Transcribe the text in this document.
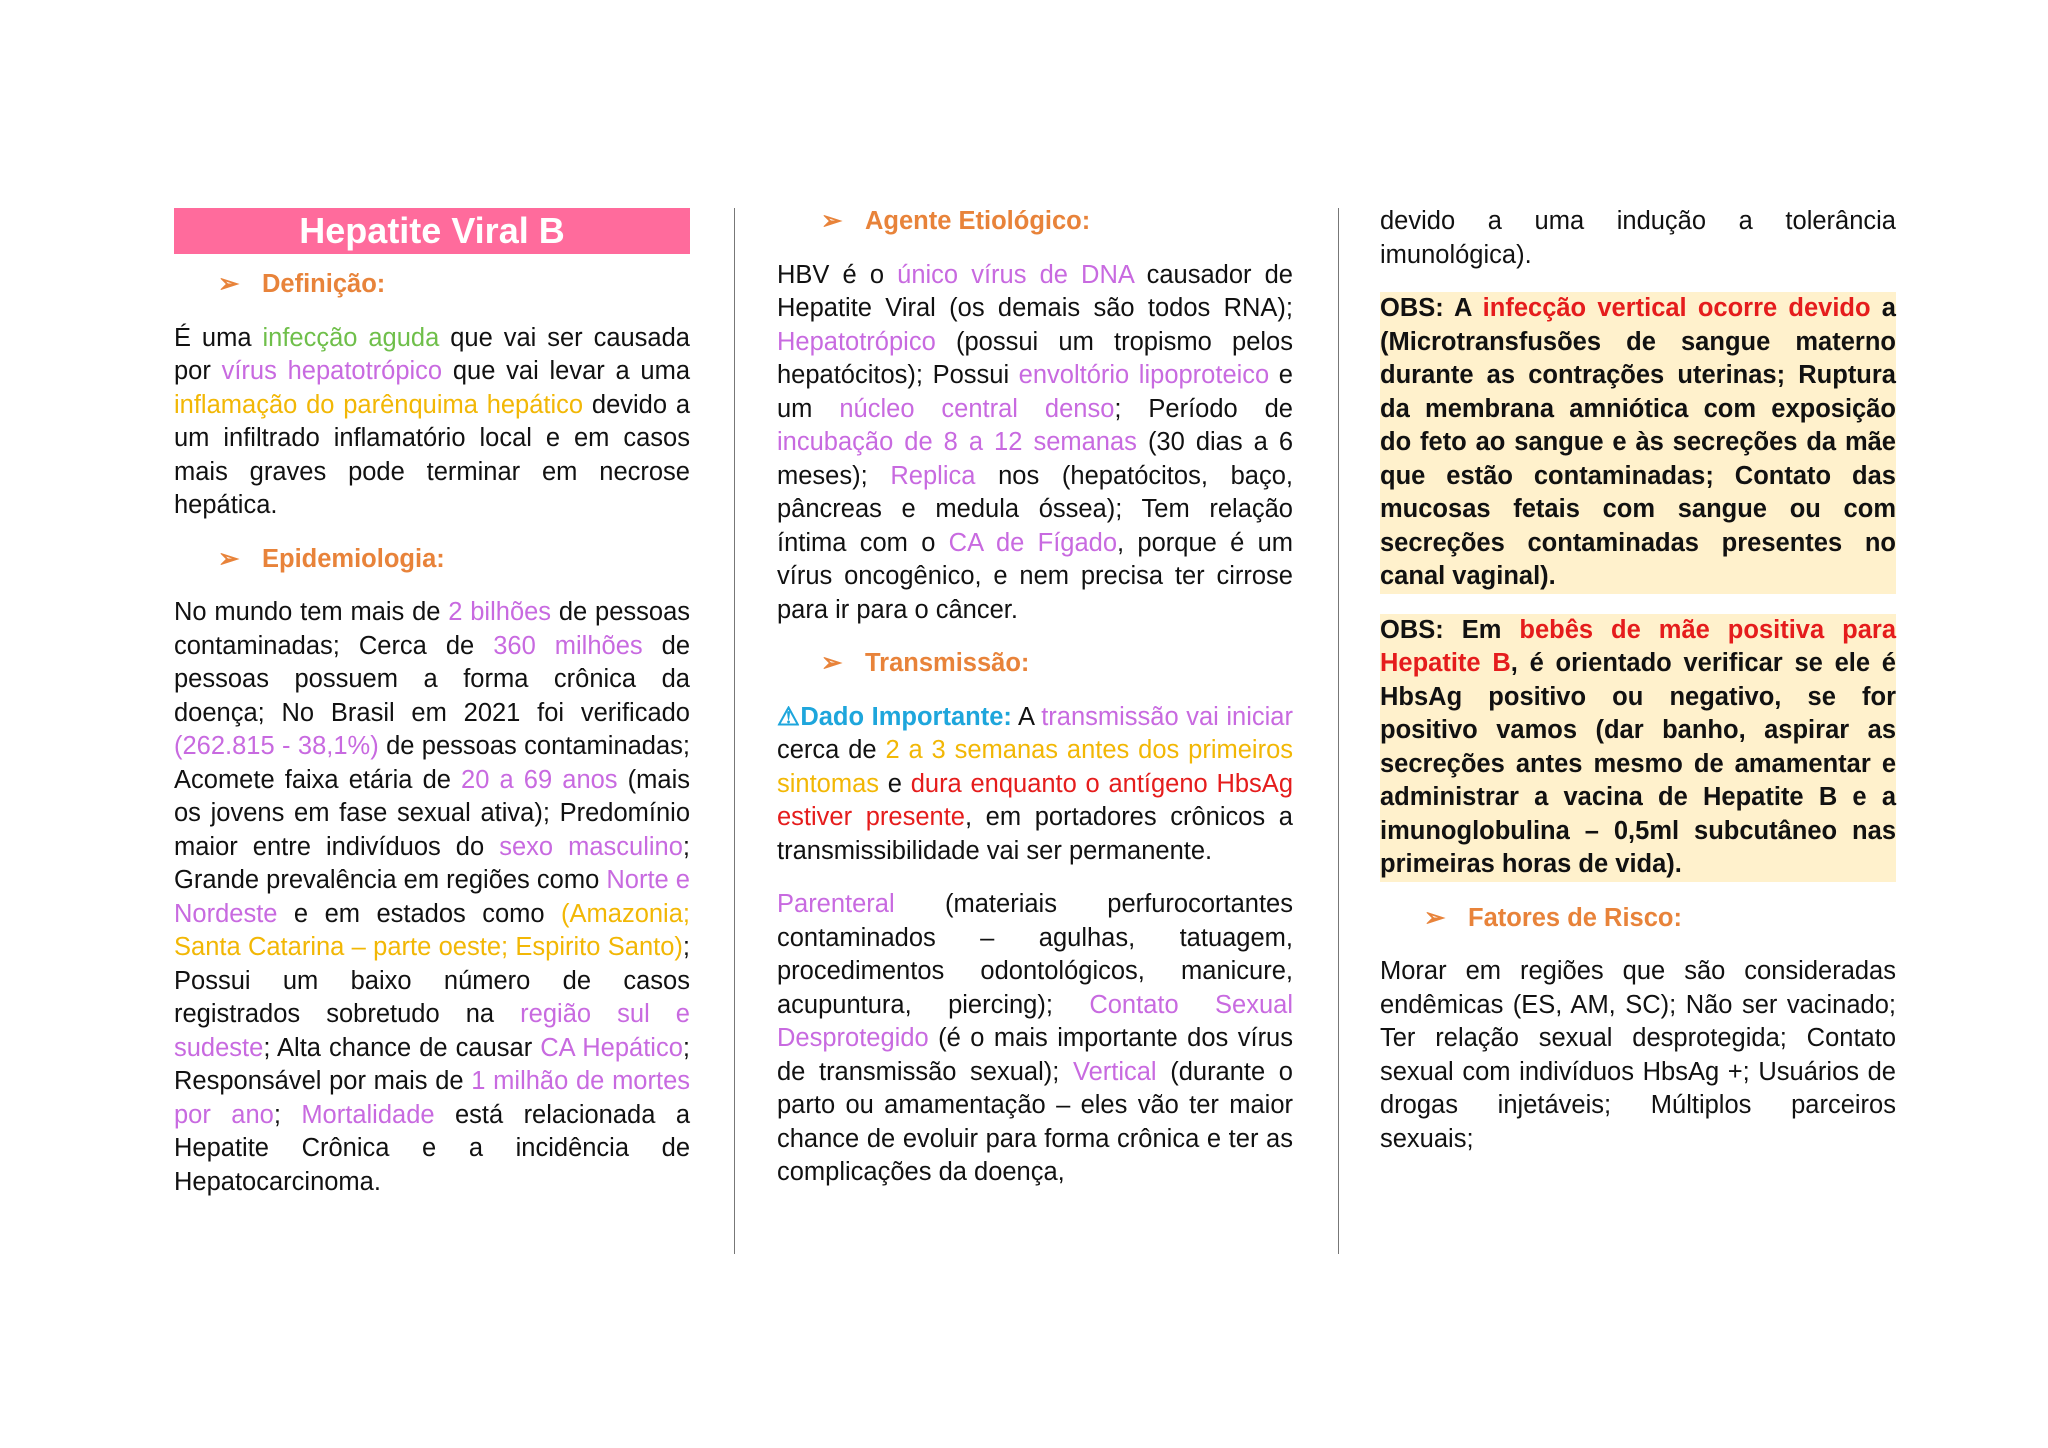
Hepatite Viral B
➢ Definição:

É uma infecção aguda que vai ser causada por vírus hepatotrópico que vai levar a uma inflamação do parênquima hepático devido a um infiltrado inflamatório local e em casos mais graves pode terminar em necrose hepática.

➢ Epidemiologia:

No mundo tem mais de 2 bilhões de pessoas contaminadas; Cerca de 360 milhões de pessoas possuem a forma crônica da doença; No Brasil em 2021 foi verificado (262.815 - 38,1%) de pessoas contaminadas; Acomete faixa etária de 20 a 69 anos (mais os jovens em fase sexual ativa); Predomínio maior entre indivíduos do sexo masculino; Grande prevalência em regiões como Norte e Nordeste e em estados como (Amazonia; Santa Catarina – parte oeste; Espirito Santo); Possui um baixo número de casos registrados sobretudo na região sul e sudeste; Alta chance de causar CA Hepático; Responsável por mais de 1 milhão de mortes por ano; Mortalidade está relacionada a Hepatite Crônica e a incidência de Hepatocarcinoma.

➢ Agente Etiológico:

HBV é o único vírus de DNA causador de Hepatite Viral (os demais são todos RNA); Hepatotrópico (possui um tropismo pelos hepatócitos); Possui envoltório lipoproteico e um núcleo central denso; Período de incubação de 8 a 12 semanas (30 dias a 6 meses); Replica nos (hepatócitos, baço, pâncreas e medula óssea); Tem relação íntima com o CA de Fígado, porque é um vírus oncogênico, e nem precisa ter cirrose para ir para o câncer.

➢ Transmissão:

⚠Dado Importante: A transmissão vai iniciar cerca de 2 a 3 semanas antes dos primeiros sintomas e dura enquanto o antígeno HbsAg estiver presente, em portadores crônicos a transmissibilidade vai ser permanente.

Parenteral (materiais perfurocortantes contaminados – agulhas, tatuagem, procedimentos odontológicos, manicure, acupuntura, piercing); Contato Sexual Desprotegido (é o mais importante dos vírus de transmissão sexual); Vertical (durante o parto ou amamentação – eles vão ter maior chance de evoluir para forma crônica e ter as complicações da doença,

devido a uma indução a tolerância imunológica).

OBS: A infecção vertical ocorre devido a (Microtransfusões de sangue materno durante as contrações uterinas; Ruptura da membrana amniótica com exposição do feto ao sangue e às secreções da mãe que estão contaminadas; Contato das mucosas fetais com sangue ou com secreções contaminadas presentes no canal vaginal).

OBS: Em bebês de mãe positiva para Hepatite B, é orientado verificar se ele é HbsAg positivo ou negativo, se for positivo vamos (dar banho, aspirar as secreções antes mesmo de amamentar e administrar a vacina de Hepatite B e a imunoglobulina – 0,5ml subcutâneo nas primeiras horas de vida).

➢ Fatores de Risco:

Morar em regiões que são consideradas endêmicas (ES, AM, SC); Não ser vacinado; Ter relação sexual desprotegida; Contato sexual com indivíduos HbsAg +; Usuários de drogas injetáveis; Múltiplos parceiros sexuais;
